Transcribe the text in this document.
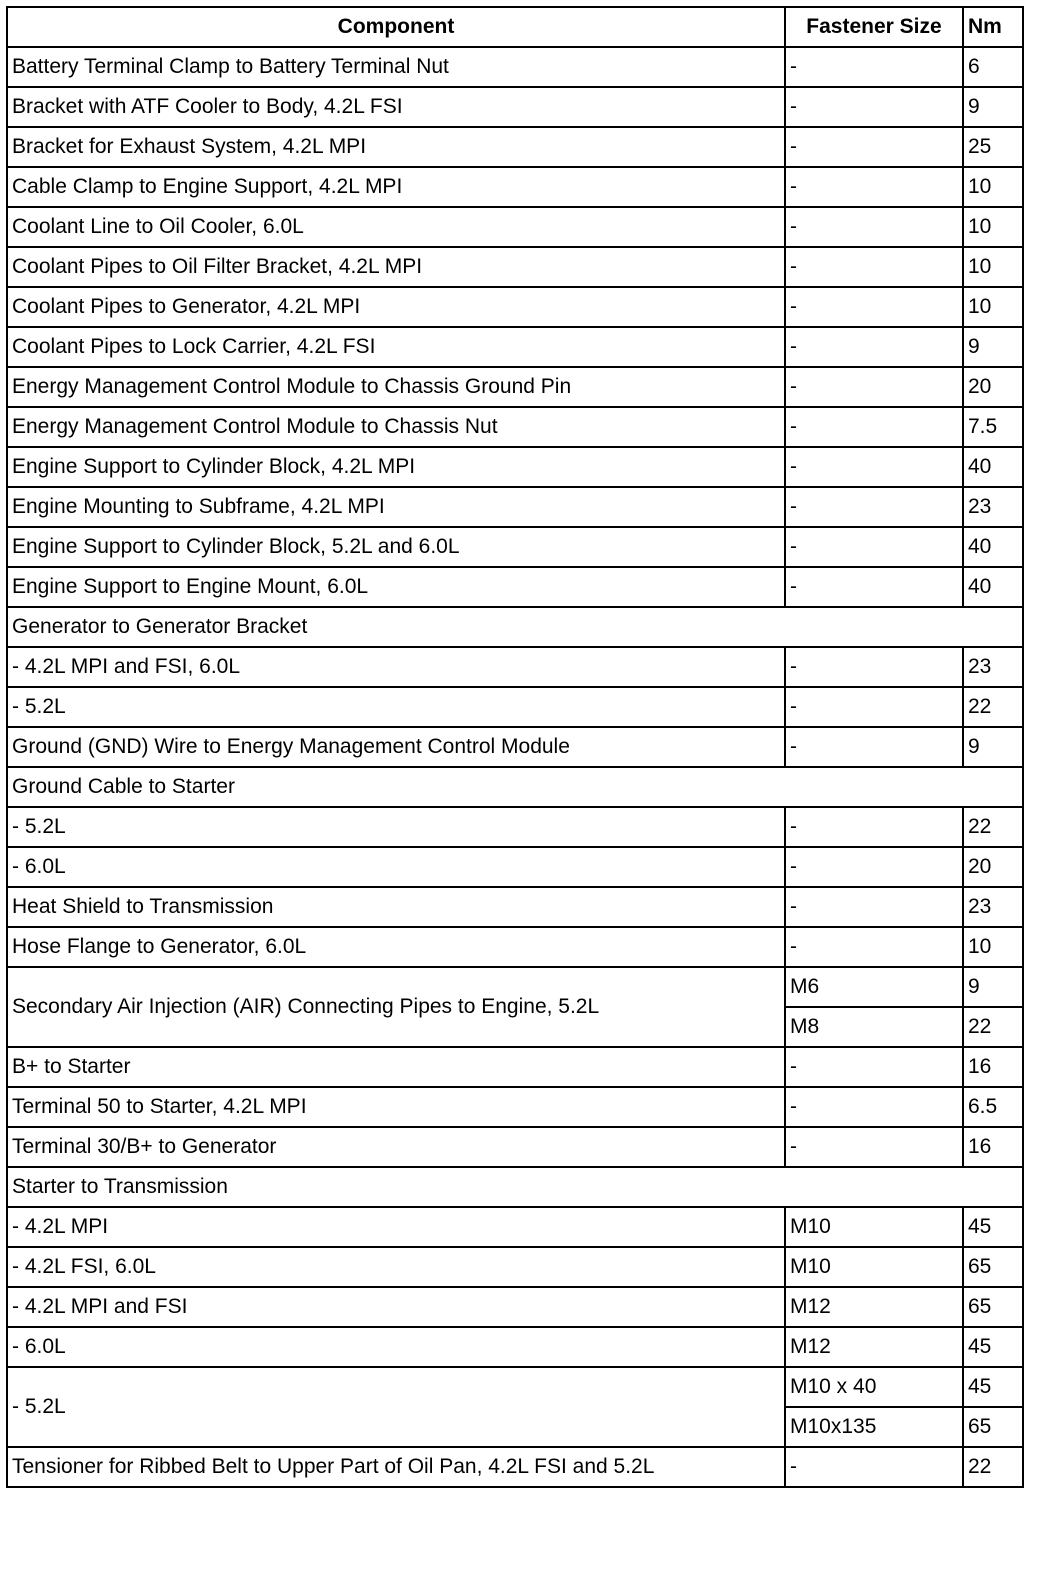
Component	Fastener Size	Nm
Battery Terminal Clamp to Battery Terminal Nut	-	6
Bracket with ATF Cooler to Body, 4.2L FSI	-	9
Bracket for Exhaust System, 4.2L MPI	-	25
Cable Clamp to Engine Support, 4.2L MPI	-	10
Coolant Line to Oil Cooler, 6.0L	-	10
Coolant Pipes to Oil Filter Bracket, 4.2L MPI	-	10
Coolant Pipes to Generator, 4.2L MPI	-	10
Coolant Pipes to Lock Carrier, 4.2L FSI	-	9
Energy Management Control Module to Chassis Ground Pin	-	20
Energy Management Control Module to Chassis Nut	-	7.5
Engine Support to Cylinder Block, 4.2L MPI	-	40
Engine Mounting to Subframe, 4.2L MPI	-	23
Engine Support to Cylinder Block, 5.2L and 6.0L	-	40
Engine Support to Engine Mount, 6.0L	-	40
Generator to Generator Bracket		
- 4.2L MPI and FSI, 6.0L	-	23
- 5.2L	-	22
Ground (GND) Wire to Energy Management Control Module	-	9
Ground Cable to Starter		
- 5.2L	-	22
- 6.0L	-	20
Heat Shield to Transmission	-	23
Hose Flange to Generator, 6.0L	-	10
Secondary Air Injection (AIR) Connecting Pipes to Engine, 5.2L	M6	9
	M8	22
B+ to Starter	-	16
Terminal 50 to Starter, 4.2L MPI	-	6.5
Terminal 30/B+ to Generator	-	16
Starter to Transmission		
- 4.2L MPI	M10	45
- 4.2L FSI, 6.0L	M10	65
- 4.2L MPI and FSI	M12	65
- 6.0L	M12	45
- 5.2L	M10 x 40	45
	M10x135	65
Tensioner for Ribbed Belt to Upper Part of Oil Pan, 4.2L FSI and 5.2L	-	22
